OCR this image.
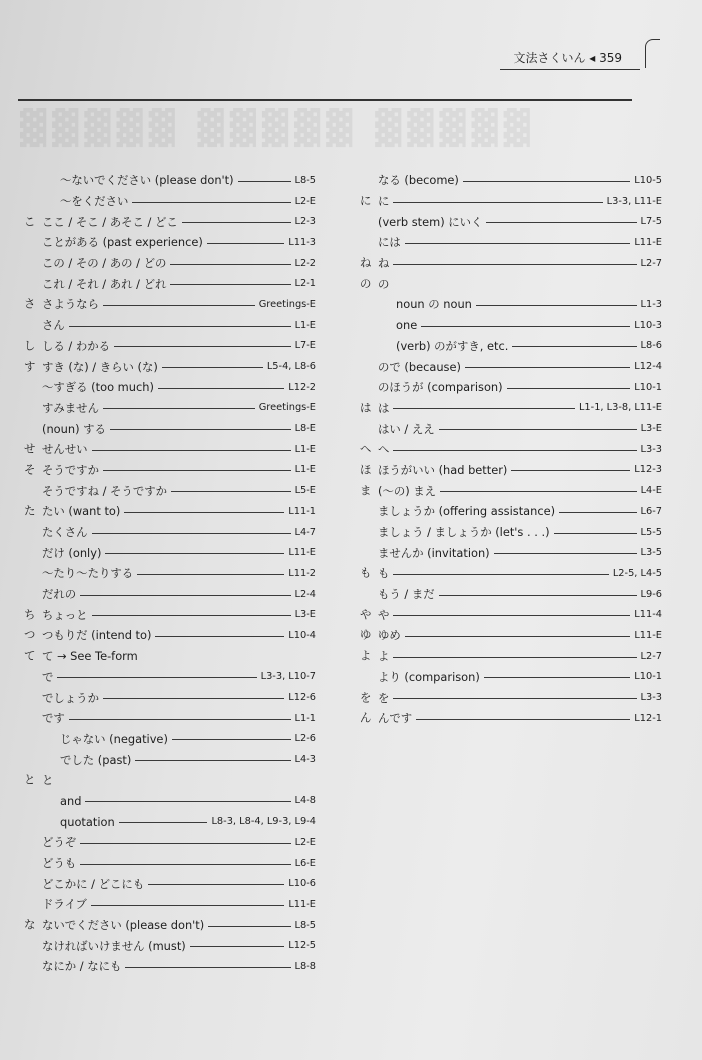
文法さくいん ◂ 359
▓▓▓▓▓ ▓▓▓▓▓ ▓▓▓▓▓
～ないでください (please don't)	L8-5
～をください	L2-E
こ ここ / そこ / あそこ / どこ	L2-3
ことがある (past experience)	L11-3
この / その / あの / どの	L2-2
これ / それ / あれ / どれ	L2-1
さ さようなら	Greetings-E
さん	L1-E
し しる / わかる	L7-E
す すき (な) / きらい (な)	L5-4, L8-6
～すぎる (too much)	L12-2
すみません	Greetings-E
(noun) する	L8-E
せ せんせい	L1-E
そ そうですか	L1-E
そうですね / そうですか	L5-E
た たい (want to)	L11-1
たくさん	L4-7
だけ (only)	L11-E
～たり～たりする	L11-2
だれの	L2-4
ち ちょっと	L3-E
つ つもりだ (intend to)	L10-4
て て → See Te-form
で	L3-3, L10-7
でしょうか	L12-6
です	L1-1
じゃない (negative)	L2-6
でした (past)	L4-3
と と
and	L4-8
quotation	L8-3, L8-4, L9-3, L9-4
どうぞ	L2-E
どうも	L6-E
どこかに / どこにも	L10-6
ドライブ	L11-E
な ないでください (please don't)	L8-5
なければいけません (must)	L12-5
なにか / なにも	L8-8
なる (become)	L10-5
に に	L3-3, L11-E
(verb stem) にいく	L7-5
には	L11-E
ね ね	L2-7
の の
noun の noun	L1-3
one	L10-3
(verb) のがすき, etc.	L8-6
ので (because)	L12-4
のほうが (comparison)	L10-1
は は	L1-1, L3-8, L11-E
はい / ええ	L3-E
へ へ	L3-3
ほ ほうがいい (had better)	L12-3
ま (～の) まえ	L4-E
ましょうか (offering assistance)	L6-7
ましょう / ましょうか (let's . . .)	L5-5
ませんか (invitation)	L3-5
も も	L2-5, L4-5
もう / まだ	L9-6
や や	L11-4
ゆ ゆめ	L11-E
よ よ	L2-7
より (comparison)	L10-1
を を	L3-3
ん んです	L12-1
